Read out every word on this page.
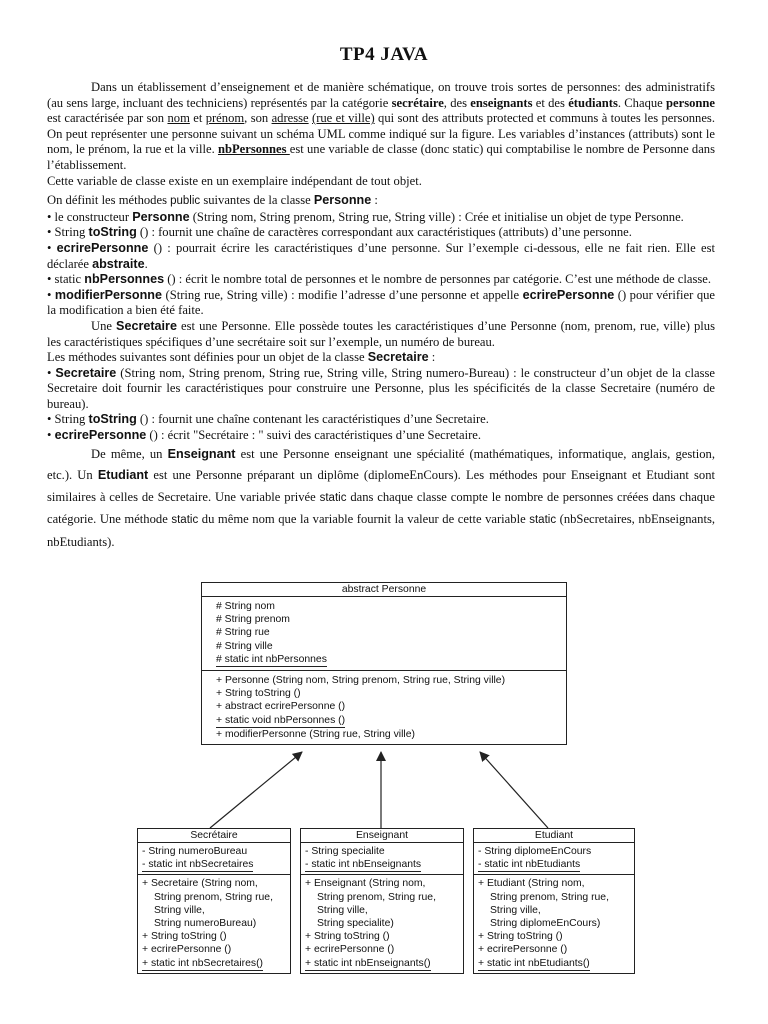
TP4 JAVA

Dans un établissement d’enseignement et de manière schématique, on trouve trois sortes de personnes: des administratifs (au sens large, incluant des techniciens) représentés par la catégorie secrétaire, des enseignants et des étudiants. Chaque personne est caractérisée par son nom et prénom, son adresse (rue et ville) qui sont des attributs protected et communs à toutes les personnes. On peut représenter une personne suivant un schéma UML comme indiqué sur la figure. Les variables d’instances (attributs) sont le nom, le prénom, la rue et la ville. nbPersonnes est une variable de classe (donc static) qui comptabilise le nombre de Personne dans l’établissement.

Cette variable de classe existe en un exemplaire indépendant de tout objet.

On définit les méthodes public suivantes de la classe Personne :

• le constructeur Personne (String nom, String prenom, String rue, String ville) : Crée et initialise un objet de type Personne.

• String toString () : fournit une chaîne de caractères correspondant aux caractéristiques (attributs) d’une personne.

• ecrirePersonne () : pourrait écrire les caractéristiques d’une personne. Sur l’exemple ci-dessous, elle ne fait rien. Elle est déclarée abstraite.

• static nbPersonnes () : écrit le nombre total de personnes et le nombre de personnes par catégorie. C’est une méthode de classe.

• modifierPersonne (String rue, String ville) : modifie l’adresse d’une personne et appelle ecrirePersonne () pour vérifier que la modification a bien été faite.

Une Secretaire est une Personne. Elle possède toutes les caractéristiques d’une Personne (nom, prenom, rue, ville) plus les caractéristiques spécifiques d’une secrétaire soit sur l’exemple, un numéro de bureau.

Les méthodes suivantes sont définies pour un objet de la classe Secretaire :

• Secretaire (String nom, String prenom, String rue, String ville, String numero-Bureau) : le constructeur d’un objet de la classe Secretaire doit fournir les caractéristiques pour construire une Personne, plus les spécificités de la classe Secretaire (numéro de bureau).

• String toString () : fournit une chaîne contenant les caractéristiques d’une Secretaire.

• ecrirePersonne () : écrit "Secrétaire : " suivi des caractéristiques d’une Secretaire.

De même, un Enseignant est une Personne enseignant une spécialité (mathématiques, informatique, anglais, gestion, etc.). Un Etudiant est une Personne préparant un diplôme (diplomeEnCours). Les méthodes pour Enseignant et Etudiant sont similaires à celles de Secretaire. Une variable privée static dans chaque classe compte le nombre de personnes créées dans chaque catégorie. Une méthode static du même nom que la variable fournit la valeur de cette variable static (nbSecretaires, nbEnseignants, nbEtudiants).

abstract Personne
# String nom
# String prenom
# String rue
# String ville
# static int nbPersonnes
+ Personne (String nom, String prenom, String rue, String ville)
+ String toString ()
+ abstract ecrirePersonne ()
+ static void nbPersonnes ()
+ modifierPersonne (String rue, String ville)
Secrétaire
- String numeroBureau
- static int nbSecretaires
+ Secretaire (String nom,
String prenom, String rue,
String ville,
String numeroBureau)
+ String toString ()
+ ecrirePersonne ()
+ static int nbSecretaires()
Enseignant
- String specialite
- static int nbEnseignants
+ Enseignant (String nom,
String prenom, String rue,
String ville,
String specialite)
+ String toString ()
+ ecrirePersonne ()
+ static int nbEnseignants()
Etudiant
- String diplomeEnCours
- static int nbEtudiants
+ Etudiant (String nom,
String prenom, String rue,
String ville,
String diplomeEnCours)
+ String toString ()
+ ecrirePersonne ()
+ static int nbEtudiants()
